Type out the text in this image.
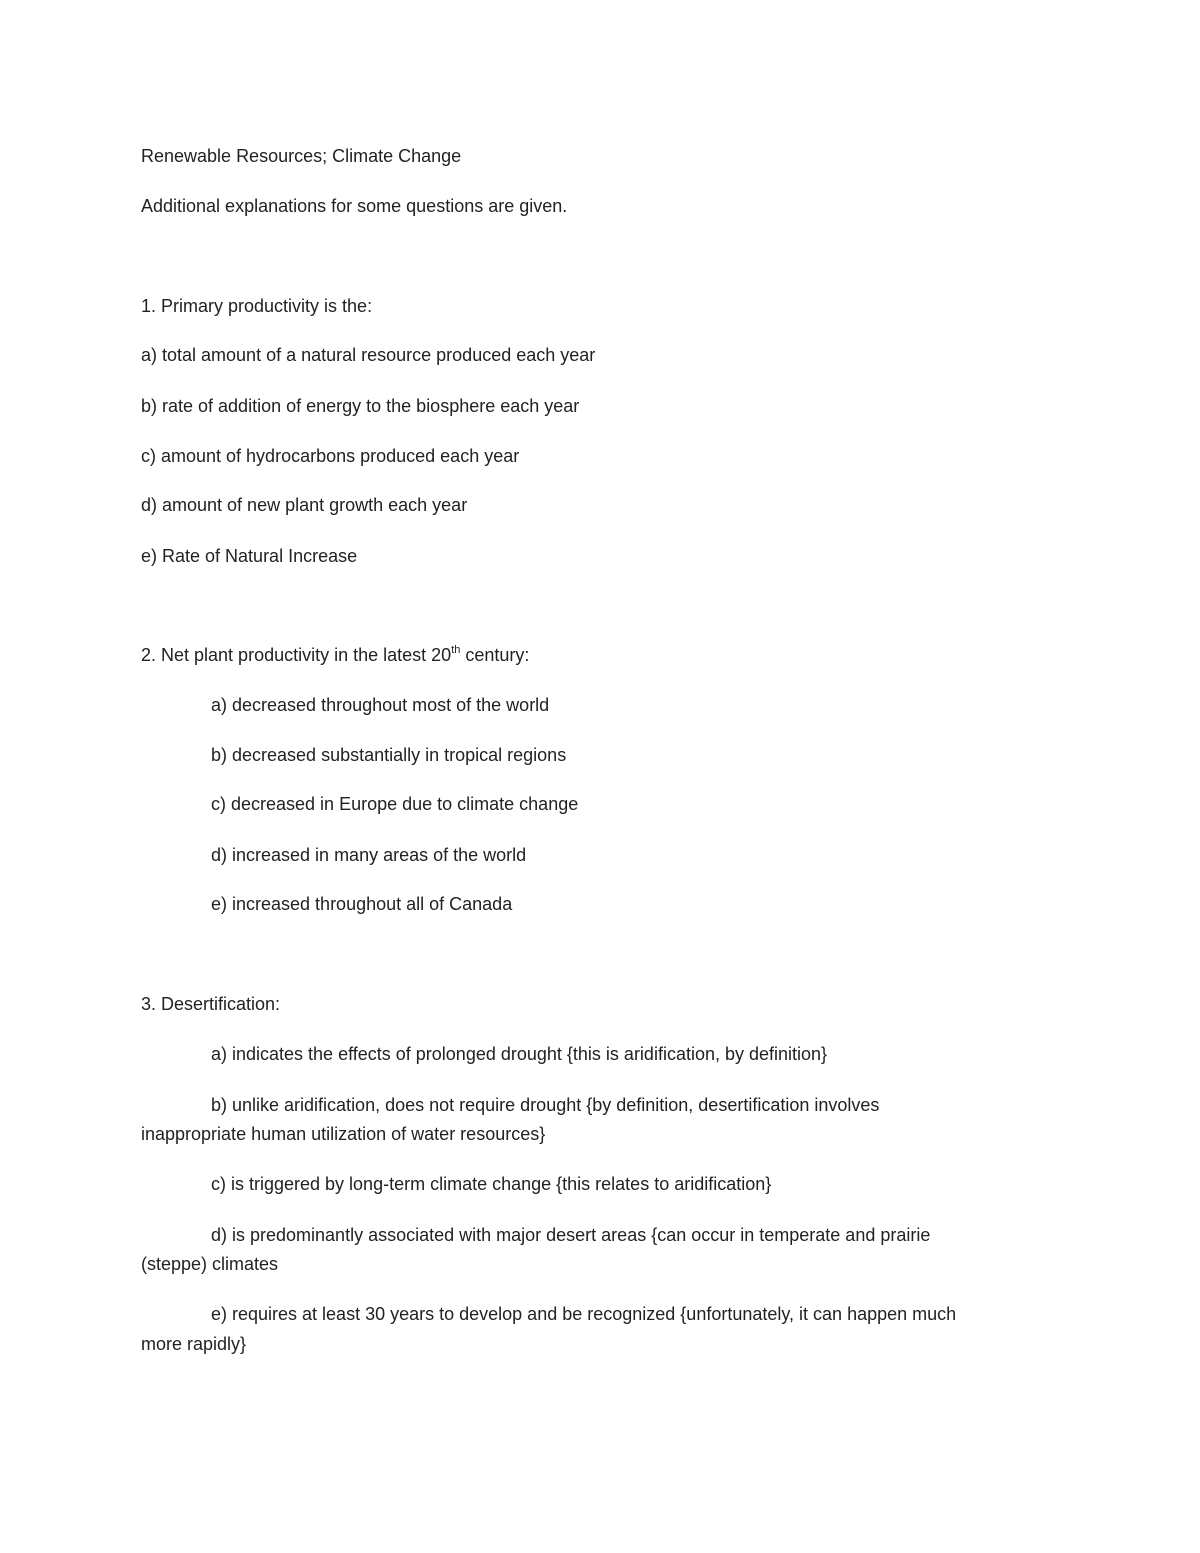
Renewable Resources; Climate Change
Additional explanations for some questions are given.
1. Primary productivity is the:
a) total amount of a natural resource produced each year
b) rate of addition of energy to the biosphere each year
c) amount of hydrocarbons produced each year
d) amount of new plant growth each year
e) Rate of Natural Increase
2. Net plant productivity in the latest 20th century:
a) decreased throughout most of the world
b) decreased substantially in tropical regions
c) decreased in Europe due to climate change
d) increased in many areas of the world
e) increased throughout all of Canada
3. Desertification:
a) indicates the effects of prolonged drought {this is aridification, by definition}
b) unlike aridification, does not require drought {by definition, desertification involves
inappropriate human utilization of water resources}
c) is triggered by long-term climate change {this relates to aridification}
d) is predominantly associated with major desert areas {can occur in temperate and prairie
(steppe) climates
e) requires at least 30 years to develop and be recognized {unfortunately, it can happen much
more rapidly}
